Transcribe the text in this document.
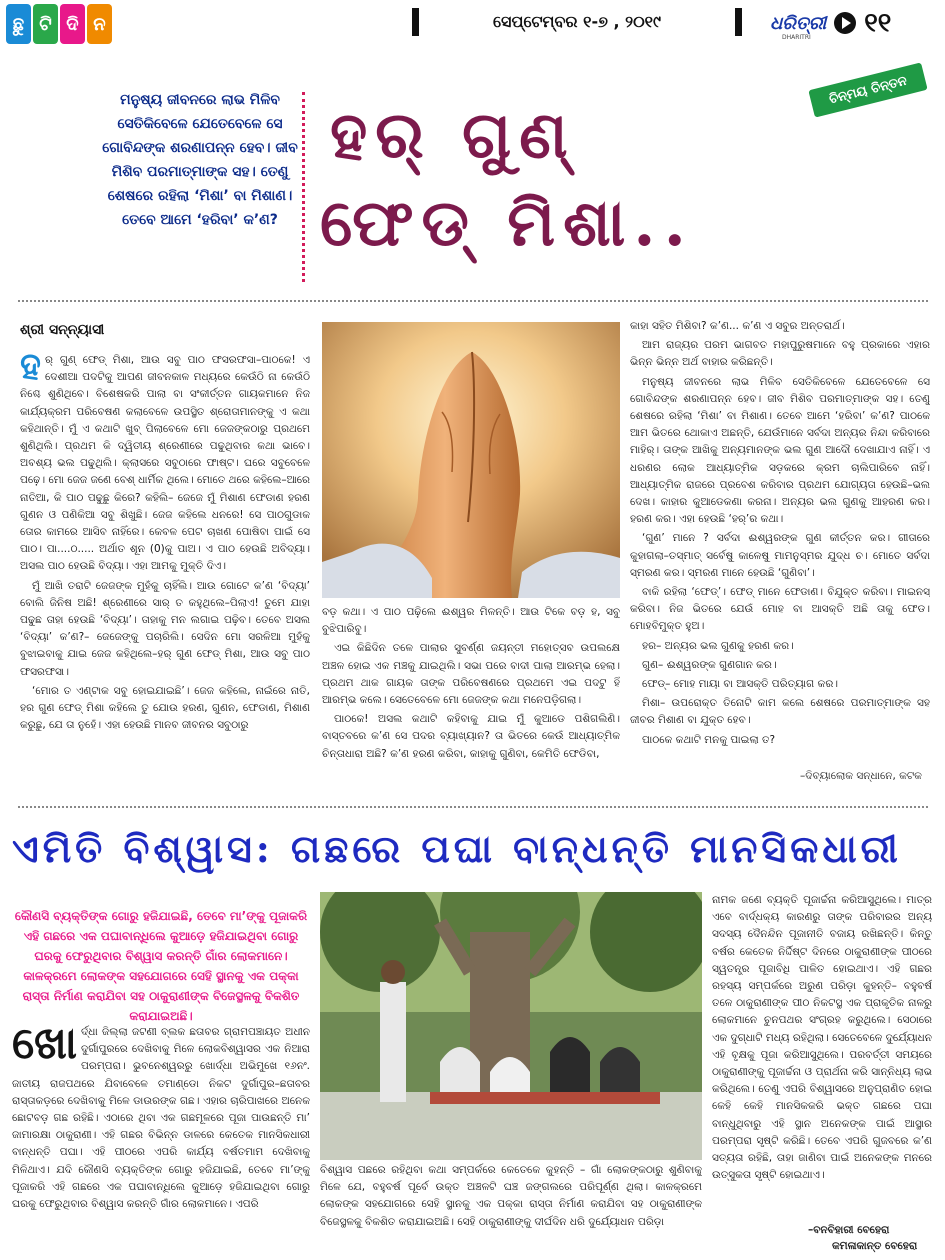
ଛୁ ଟି ଦି ନ	ସେପ୍ଟେମ୍ବର ୧-୭ , ୨୦୧୯	ଧରିତ୍ରୀ ୧୧
DHARITRI
ଚିନ୍ମୟ ଚିନ୍ତନ
ମନୁଷ୍ୟ ଜୀବନରେ ଲାଭ ମିଳିବ ସେତିକିବେଳେ ଯେତେବେଳେ ସେ ଗୋବିନ୍ଦଙ୍କ ଶରଣାପନ୍ନ ହେବ। ଜୀବ ମିଶିବ ପରମାତ୍ମାଙ୍କ ସହ। ତେଣୁ ଶେଷରେ ରହିଲା ‘ମିଶା’ ବା ମିଶାଣ। ତେବେ ଆମେ ‘ହରିବା’ କ’ଣ?
ହର୍ ଗୁଣ୍
ଫେଡ୍ ମିଶା..
ଶ୍ରୀ ସନ୍ନ୍ୟାସୀ

ହର୍ ଗୁଣ୍ ଫେଡ୍ ମିଶା, ଆଉ ସବୁ ପାଠ ଫସରଫସା–ପାଠକେ! ଏ ଦେଶୀଆ ପଦଟିକୁ ଆପଣ ଜୀବନକାଳ ମଧ୍ୟରେ କେଉଁଠି ନା କେଉଁଠି ନିଶ୍ଚେ ଶୁଣିଥିବେ। ବିଶେଷକରି ପାଲା ବା ସଂକୀର୍ତ୍ତନ ଗାୟକମାନେ ନିଜ କାର୍ଯ୍ୟକ୍ରମ ପରିବେଷଣ କଲାବେଳେ ଉପସ୍ଥିତ ଶ୍ରୋତାମାନଙ୍କୁ ଏ କଥା କହିଥାନ୍ତି। ମୁଁ ଏ କଥାଟି ଖୁବ୍ ପିଲାବେଳେ ମୋ ଜେଜଙ୍କଠାରୁ ପ୍ରଥମେ ଶୁଣିଥିଲି। ପ୍ରଥମ କି ଦ୍ୱିତୀୟ ଶ୍ରେଣୀରେ ପଢୁଥିବାର କଥା ଭାବେ। ଅବଶ୍ୟ ଭଲ ପଢୁଥିଲି। କ୍ଲାସରେ ସବୁଠାରେ ଫାଷ୍ଟ। ଘରେ ସବୁବେଳେ ପଢ଼େ। ମୋ ଜେଜ ଜଣେ ବେଶ୍ ଧାର୍ମିକ ଥିଲେ। ମୋତେ ଥରେ କହିଲେ–ଆରେ ନାତିଆ, କି ପାଠ ପଢୁଛୁ କିରେ? କହିଲି– ଜେଜେ ମୁଁ ମିଶାଣ ଫେଡାଣ ହରଣ ଗୁଣନ ଓ ପଣିକିଆ ସବୁ ଶିଖୁଛି। ଜେଜ କହିଲେ ଧନରେ! ସେ ପାଠଗୁଡାକ ତୋର କାମରେ ଆସିବ ନାହିଁରେ। କେବଳ ପେଟ ଚାଖଣ ପୋଷିବା ପାଇଁ ସେ ପାଠ। ପା....ଠ..... ଅର୍ଥାତ ଶୂନ (0)କୁ ପାଅ। ଏ ପାଠ ହେଉଛି ଅବିଦ୍ୟା। ଅସଲ ପାଠ ହେଉଛି ବିଦ୍ୟା। ଏହା ଆମକୁ ମୁକ୍ତି ଦିଏ।

ମୁଁ ଆଖି ତରାଟି ଜେଜଙ୍କ ମୁହଁକୁ ଚାହିଁଲି। ଆଉ ଗୋଟେ କ’ଣ ‘ବିଦ୍ୟା’ ବୋଲି ଜିନିଷ ଅଛି! ଶ୍ରେଣୀରେ ସାର୍ ତ କହୁଥିଲେ–ପିଲାଏ! ତୁମେ ଯାହା ପଢୁଛ ତାହା ହେଉଛି ‘ବିଦ୍ୟା’। ତାହାକୁ ମନ ଲଗାଇ ପଢ଼ିବ। ତେବେ ଅସଲ ‘ବିଦ୍ୟା’ କ’ଣ?– ଜେଜେଙ୍କୁ ପଚାରିଲି। ସେଦିନ ମୋ ସରଳିଆ ମୁହଁକୁ ବୁଝାଇବାକୁ ଯାଇ ଜେଜ କହିଥିଲେ–ହର୍ ଗୁଣ ଫେଡ୍ ମିଶା, ଆଉ ସବୁ ପାଠ ଫସରଫସା।

‘ମୋର ତ ଏଣ୍ଟାକ ସବୁ ହୋଇଯାଇଛି’। ଜେଜ କହିଲେ, ନାଇଁରେ ନାତି, ହର ଗୁଣ ଫେଡ୍ ମିଶା କହିଲେ ତୁ ଯୋଉ ହରଣ, ଗୁଣନ, ଫେଡାଣ, ମିଶାଣ କରୁଛୁ, ଯେ ତା ନୁହେଁ। ଏହା ହେଉଛି ମାନବ ଜୀବନର ସବୁଠାରୁ

ବଡ଼ କଥା। ଏ ପାଠ ପଢ଼ିଲେ ଈଶ୍ୱର ମିଳନ୍ତି। ଆଉ ଟିକେ ବଡ଼ ହ, ସବୁ ବୁଝିପାରିବୁ।

ଏଇ କିଛିଦିନ ତଳେ ପାଲାର ସୁବର୍ଣ୍ଣ ଜୟନ୍ତୀ ମହୋତ୍ସବ ଉପଲକ୍ଷେ ଅଞ୍ଚଳ ହୋଇ ଏକ ମଞ୍ଚକୁ ଯାଇଥିଲି। ସଭା ପରେ ବାଦୀ ପାଲା ଆରମ୍ଭ ହେଲା। ପ୍ରଥମ ଥାକ ଗାୟକ ତାଙ୍କ ପରିବେଷଣରେ ପ୍ରଥମେ ଏଇ ପଦଟୁ ହିଁ ଆରମ୍ଭ କଲେ। ସେତେବେଳେ ମୋ ଜେଜଙ୍କ କଥା ମନେପଡ଼ିଗଲା।

ପାଠକେ! ଅସଲ କଥାଟି କହିବାକୁ ଯାଇ ମୁଁ କୁଆଡେ ପଶିଗଲିଣି। ବାସ୍ତବରେ କ’ଣ ସେ ପଦର ବ୍ୟାଖ୍ୟାନ? ତା ଭିତରେ କେଉଁ ଆଧ୍ୟାତ୍ମିକ ଚିନ୍ତାଧାରା ଅଛି? କ’ଣ ହରଣ କରିବା, କାହାକୁ ଗୁଣିବା, କେମିତି ଫେଡିବା,

କାହା ସହିତ ମିଶିବା? କ’ଣ... କ’ଣ ଏ ସବୁର ଅନ୍ତରାର୍ଥ।

ଆମ ରାଜ୍ୟର ପରମ ଭାଗବତ ମହାପୁରୁଷମାନେ ବହୁ ପ୍ରକାରେ ଏହାର ଭିନ୍ନ ଭିନ୍ନ ଅର୍ଥ ବାହାର କରିଛନ୍ତି।

ମନୁଷ୍ୟ ଜୀବନରେ ଲାଭ ମିଳିବ ସେତିକିବେଳେ ଯେତେବେଳେ ସେ ଗୋବିନ୍ଦଙ୍କ ଶରଣାପନ୍ନ ହେବ। ଜୀବ ମିଶିବ ପରମାତ୍ମାଙ୍କ ସହ। ତେଣୁ ଶେଷରେ ରହିଲା ‘ମିଶା’ ବା ମିଶାଣ। ତେବେ ଆମେ ‘ହରିବା’ କ’ଣ? ପାଠକେ ଆମ ଭିତରେ ଥୋକାଏ ଅଛନ୍ତି, ଯେଉଁମାନେ ସର୍ବଦା ଅନ୍ୟର ନିନ୍ଦା କରିବାରେ ମାହିର୍। ତାଙ୍କ ଆଖିକୁ ଅନ୍ୟମାନଙ୍କ ଭଲ ଗୁଣ ଆଦୌ ଦେଖାଯାଏ ନାହିଁ। ଏ ଧରଣର ଲୋକ ଆଧ୍ୟାତ୍ମିକ ସଡ଼କରେ କ୍ରମ ଚାଲିପାରିବେ ନାହିଁ। ଆଧ୍ୟାତ୍ମିକ ରାଜରେ ପ୍ରବେଶ କରିବାର ପ୍ରଥମ ଯୋଗ୍ୟତା ହେଉଛି–ଭଲ ଦେଖ। କାହାର କୁଆଡେକଣା କରନା। ଅନ୍ୟର ଭଲ ଗୁଣକୁ ଆହରଣ କର। ହରଣ କର। ଏହା ହେଉଛି ‘ହର୍’ର କଥା।

‘ଗୁଣ’ ମାନେ ? ସର୍ବଦା ଈଶ୍ୱରଙ୍କ ଗୁଣ କୀର୍ତ୍ତନ କର। ଗୀତାରେ କୁହାଗଲା–ତସ୍ମାତ୍ ସର୍ବେଷୁ କାଳେଷୁ ମାମନୁସ୍ମର ଯୁଦ୍ଧ ଚ। ମୋତେ ସର୍ବଦା ସ୍ମରଣ କର। ସ୍ମରଣ ମାନେ ହେଉଛି ‘ଗୁଣିବା’।

ବାକି ରହିଲା ‘ଫେଡ୍’। ଫେଡ୍ ମାନେ ଫେଡାଣ। ବିଯୁକ୍ତ କରିବା। ମାଇନସ୍ କରିବା। ନିଜ ଭିତରେ ଯେଉଁ ମୋହ ବା ଆସକ୍ତି ଅଛି ତାକୁ ଫେଡ। ମୋହବିମୁକ୍ତ ହୁଅ।

ହର– ଅନ୍ୟର ଭଲ ଗୁଣକୁ ହରଣ କର।

ଗୁଣ– ଈଶ୍ୱରଙ୍କ ଗୁଣଗାନ କର।

ଫେଡ୍– ମୋହ ମାୟା ବା ଆସକ୍ତି ପରିତ୍ୟାଗ କର।

ମିଶା– ଉପରୋକ୍ତ ତିନୋଟି କାମ କଲେ ଶେଷରେ ପରମାତ୍ମାଙ୍କ ସହ ଜୀବର ମିଶାଣ ବା ଯୁକ୍ତ ହେବ।

ପାଠକେ କଥାଟି ମନକୁ ପାଇଲା ତ?

–ଦିବ୍ୟାଲୋକ ସନ୍ଧାନେ, କଟକ
ଏମିତି ବିଶ୍ୱାସ: ଗଛରେ ପଘା ବାନ୍ଧନ୍ତି ମାନସିକଧାରୀ
କୌଣସି ବ୍ୟକ୍ତିଙ୍କ ଗୋରୁ ହଜିଯାଇଛି, ତେବେ ମା’ଙ୍କୁ ପୂଜାକରି ଏହି ଗଛରେ ଏକ ପଘାବାନ୍ଧିଲେ କୁଆଡ଼େ ହଜିଯାଇଥିବା ଗୋରୁ ଘରକୁ ଫେରୁଥିବାର ବିଶ୍ୱାସ କରନ୍ତି ଗାଁର ଲୋକମାନେ। କାଳକ୍ରମେ ଲୋକଙ୍କ ସହଯୋଗରେ ସେହି ସ୍ଥାନକୁ ଏକ ପକ୍କା ରାସ୍ତା ନିର୍ମାଣ କରାଯିବା ସହ ଠାକୁରାଣୀଙ୍କ ବିଜେସ୍ଥଳକୁ ବିକଶିତ କରାଯାଇଅଛି।

ଖୋର୍ଦ୍ଧା ଜିଲ୍ଲା ଜଟଣୀ ବ୍ଲକ ଛତାବର ଗ୍ରାମପଞ୍ଚାୟତ ଅଧୀନ ଦୁର୍ଗାପୁରରେ ଦେଖିବାକୁ ମିଳେ ଲୋକବିଶ୍ୱାସର ଏକ ନିଆରା ପରମ୍ପରା। ଭୁବନେଶ୍ୱରରୁ ଖୋର୍ଦ୍ଧା ଅଭିମୁଖେ ୧୬ନଂ. ଜାତୀୟ ରାଜପଥରେ ଯିବାବେଳେ ତମାଣ୍ଡୋ ନିକଟ ଦୁର୍ଗାପୁର–ଛତାବର ରାସ୍ତାକଡ଼ରେ ଦେଖିବାକୁ ମିଳେ ଡାଉରଙ୍କ ଗଛ। ଏହାର ଚାରିପାଖରେ ଅନେକ ଛୋଟବଡ଼ ଗଛ ରହିଛି। ଏଠାରେ ଥିବା ଏକ ଗଛମୂଳରେ ପୂଜା ପାଉଛନ୍ତି ମା’ ଜାମାରକ୍ଷା ଠାକୁରାଣୀ। ଏହି ଗଛର ବିଭିନ୍ନ ଡାଳରେ କେତେକ ମାନସିକଧାରୀ ବାନ୍ଧନ୍ତି ପଘା। ଏହି ପୀଠରେ ଏପରି କାର୍ଯ୍ୟ ବର୍ଷତମାମ ଦେଖିବାକୁ ମିଳିଥାଏ। ଯଦି କୌଣସି ବ୍ୟକ୍ତିଙ୍କ ଗୋରୁ ହଜିଯାଇଛି, ତେବେ ମା’ଙ୍କୁ ପୂଜାକରି ଏହି ଗଛରେ ଏକ ପଘାବାନ୍ଧିଲେ କୁଆଡ଼େ ହଜିଯାଇଥିବା ଗୋରୁ ଘରକୁ ଫେରୁଥିବାର ବିଶ୍ୱାସ କରନ୍ତି ଗାଁର ଲୋକମାନେ। ଏପରି

ବିଶ୍ୱାସ ପଛରେ ରହିଥିବା କଥା ସମ୍ପର୍କରେ କେତେକେ କୁହନ୍ତି – ଗାଁ ଲୋକଙ୍କଠାରୁ ଶୁଣିବାକୁ ମିଳେ ଯେ, ବହୁବର୍ଷ ପୂର୍ବେ ଉକ୍ତ ଅଞ୍ଚଳଟି ଘଞ୍ଚ ଜଙ୍ଗଲରେ ପରିପୂର୍ଣ୍ଣ ଥିଲା। କାଳକ୍ରମେ ଲୋକଙ୍କ ସହଯୋଗରେ ସେହି ସ୍ଥାନକୁ ଏକ ପକ୍କା ରାସ୍ତା ନିର୍ମାଣ କରାଯିବା ସହ ଠାକୁରାଣୀଙ୍କ ବିଜେସ୍ଥଳକୁ ବିକଶିତ କରାଯାଇଅଛି। ସେହି ଠାକୁରାଣୀଙ୍କୁ ଦୀର୍ଘଦିନ ଧରି ଦୁର୍ଯ୍ୟୋଧନ ପରିଡ଼ା

ନାମକ ଜଣେ ବ୍ୟକ୍ତି ପୂଜାର୍ଚ୍ଚନା କରିଆସୁଥିଲେ। ମାତ୍ର ଏବେ ବାର୍ଦ୍ଧକ୍ୟ କାରଣରୁ ତାଙ୍କ ପରିବାରର ଅନ୍ୟ ସଦସ୍ୟ ଦୈନନ୍ଦିନ ପୂଜାନୀତି ବଜାୟ ରଖିଛନ୍ତି। କିନ୍ତୁ ବର୍ଷର କେତେକ ନିର୍ଦ୍ଦିଷ୍ଟ ଦିନରେ ଠାକୁରାଣୀଙ୍କ ପୀଠରେ ସ୍ୱତନ୍ତ୍ର ପୂଜାବିଧି ପାଳିତ ହୋଇଥାଏ। ଏହି ଗଛର ରହସ୍ୟ ସମ୍ପର୍କରେ ଅରୁଣ ପରିଡ଼ା କୁହନ୍ତି– ବହୁବର୍ଷ ତଳେ ଠାକୁରାଣୀଙ୍କ ପୀଠ ନିକଟସ୍ଥ ଏକ ପ୍ରାକୃତିକ ନାଳରୁ ଲୋକମାନେ ଚୁନପଥର ସଂଗ୍ରହ କରୁଥିଲେ। ସେଠାରେ ଏକ ଦୁଗ୍ଧାଟି ମଧ୍ୟ ରହିଥିଲା। ସେତେବେଳେ ଦୁର୍ଯ୍ୟୋଧନ ଏହି ବୃକ୍ଷକୁ ପୂଜା କରିଆସୁଥିଲେ। ପରବର୍ତ୍ତୀ ସମୟରେ ଠାକୁରାଣୀଙ୍କୁ ପୂଜାର୍ଚ୍ଚନା ଓ ପ୍ରାର୍ଥନା କରି ସାନ୍ନିଧ୍ୟ ଲାଭ କରିଥିଲେ। ତେଣୁ ଏପରି ବିଶ୍ୱାସରେ ଅନୁପ୍ରାଣିତ ହୋଇ କେହି କେହି ମାନସିକକରି ଭକ୍ତ ଗଛରେ ପଘା ବାନ୍ଧୁଥିବାରୁ ଏହି ସ୍ଥାନ ଅନେକଙ୍କ ପାଇଁ ଆସ୍ଥାର ପରମ୍ପରା ସୃଷ୍ଟି କରିଛି। ତେବେ ଏପରି ଗୁଜବରେ କ’ଣ ସତ୍ୟତା ରହିଛି, ତାହା ଜାଣିବା ପାଇଁ ଅନେକଙ୍କ ମନରେ ଉତ୍ସୁକତା ସୃଷ୍ଟି ହୋଇଥାଏ।

–ବନବିହାରୀ ବେହେରା
କମଳାକାନ୍ତ ବେହେରା
